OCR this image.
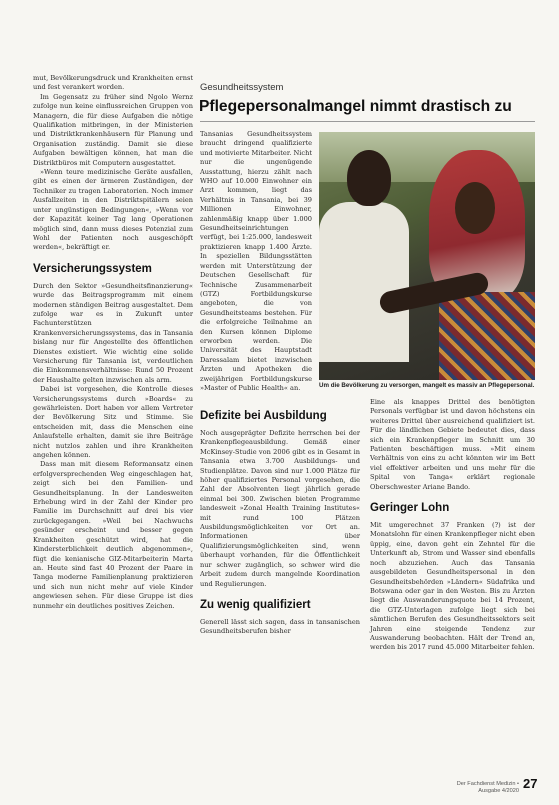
mut, Bevölkerungsdruck und Krankheiten ernst und fest verankert worden.

Im Gegensatz zu früher sind Ngolo Wernz zufolge nun keine einflussreichen Gruppen von Managern, die für diese Aufgaben die nötige Qualifikation mitbringen, in der Ministerien und Distriktkrankenhäusern für Planung und Organisation zuständig. Damit sie diese Aufgaben bewältigen können, hat man die Distriktbüros mit Computern ausgestattet.

»Wenn teure medizinische Geräte ausfallen, gibt es einen der ärmeren Zuständigen, der Techniker zu tragen Laboratorien. Noch immer Ausfallzeiten in den Distriktspitälern seien unter ungünstigen Bedingungen«, »Wenn vor der Kapazität keiner Tag lang Operationen möglich sind, dann muss dieses Potenzial zum Wohl der Patienten noch ausgeschöpft werden«, bekräftigt er.

Versicherungssystem

Durch den Sektor »Gesundheitsfinanzierung« wurde das Beitragsprogramm mit einem modernen ständigen Beitrag ausgestaltet. Dem zufolge war es in Zukunft unter Fachunterstützen Krankenversicherungssystems, das in Tansania bislang nur für Angestellte des öffentlichen Dienstes existiert. Wie wichtig eine solide Versicherung für Tansania ist, verdeutlichen die Einkommensverhältnisse: Rund 50 Prozent der Haushalte gelten inzwischen als arm.

Dabei ist vorgesehen, die Kontrolle dieses Versicherungssystems durch »Boards« zu gewährleisten. Dort haben vor allem Vertreter der Bevölkerung Sitz und Stimme. Sie entscheiden mit, dass die Menschen eine Anlaufstelle erhalten, damit sie ihre Beiträge nicht nutzlos zahlen und ihre Krankheiten angehen können.

Dass man mit diesem Reformansatz einen erfolgversprechenden Weg eingeschlagen hat, zeigt sich bei den Familien- und Gesundheitsplanung. In der Landesweiten Erhebung wird in der Zahl der Kinder pro Familie im Durchschnitt auf drei bis vier zurückgegangen. »Weil bei Nachwuchs gesünder erscheint und besser gegen Krankheiten geschützt wird, hat die Kindersterblichkeit deutlich abgenommen«, fügt die kenianische GIZ-Mitarbeiterin Marta an. Heute sind fast 40 Prozent der Paare in Tanga moderne Familienplanung praktizieren und sich nun nicht mehr auf viele Kinder angewiesen sehen. Für diese Gruppe ist dies nunmehr ein deutliches positives Zeichen.

Gesundheitssystem
Pflegepersonalmangel nimmt drastisch zu

Tansanias Gesundheitssystem braucht dringend qualifizierte und motivierte Mitarbeiter. Nicht nur die ungenügende Ausstattung, hierzu zählt nach WHO auf 10.000 Einwohner ein Arzt kommen, liegt das Verhältnis in Tansania, bei 39 Millionen Einwohner, zahlenmäßig knapp über 1.000 Gesundheitseinrichtungen verfügt, bei 1:25.000, landesweit praktizieren knapp 1.400 Ärzte. In speziellen Bildungsstätten werden mit Unterstützung der Deutschen Gesellschaft für Technische Zusammenarbeit (GTZ) Fortbildungskurse angeboten, die von Gesundheitsteams bestehen. Für die erfolgreiche Teilnahme an den Kursen können Diplome erworben werden. Die Universität des Hauptstadt Daressalam bietet inzwischen Ärzten und Apotheken die zweijährigen Fortbildungskurse »Master of Public Health« an.	Um die Bevölkerung zu versorgen, mangelt es massiv an Pflegepersonal.
Defizite bei Ausbildung

Noch ausgeprägter Defizite herrschen bei der Krankenpflegeausbildung. Gemäß einer McKinsey-Studie von 2006 gibt es in Gesamt in Tansania etwa 3.700 Ausbildungs- und Studienplätze. Davon sind nur 1.000 Plätze für höher qualifiziertes Personal vorgesehen, die Zahl der Absolventen liegt jährlich gerade einmal bei 300. Zwischen bieten Programme landesweit »Zonal Health Training Institutes« mit rund 100 Plätzen Ausbildungsmöglichkeiten vor Ort an. Informationen über Qualifizierungsmöglichkeiten sind, wenn überhaupt vorhanden, für die Öffentlichkeit nur schwer zugänglich, so schwer wird die Arbeit zudem durch mangelnde Koordination und Regulierungen.

Zu wenig qualifiziert

Generell lässt sich sagen, dass in tansanischen Gesundheitsberufen bisher

Eine als knappes Drittel des benötigten Personals verfügbar ist und davon höchstens ein weiteres Drittel über ausreichend qualifiziert ist. Für die ländlichen Gebiete bedeutet dies, dass sich ein Krankenpfleger im Schnitt um 30 Patienten beschäftigen muss. »Mit einem Verhältnis von eins zu acht könnten wir im Bett viel effektiver arbeiten und uns mehr für die Spital von Tanga« erklärt regionale Oberschwester Ariane Bando.

Geringer Lohn

Mit umgerechnet 37 Franken (?) ist der Monatslohn für einen Krankenpfleger nicht eben üppig, eine, davon geht ein Zehntel für die Unterkunft ab, Strom und Wasser sind ebenfalls noch abzuziehen. Auch das Tansania ausgebildeten Gesundheitspersonal in den Gesundheitsbehörden »Ländern« Südafrika und Botswana oder gar in den Westen. Bis zu Ärzten liegt die Auswanderungsquote bei 14 Prozent, die GTZ-Unterlagen zufolge liegt sich bei sämtlichen Berufen des Gesundheitssektors seit Jahren eine steigende Tendenz zur Auswanderung beobachten. Hält der Trend an, werden bis 2017 rund 45.000 Mitarbeiter fehlen.

Der Fachdienst Medizin • Ausgabe 4/2020 27
